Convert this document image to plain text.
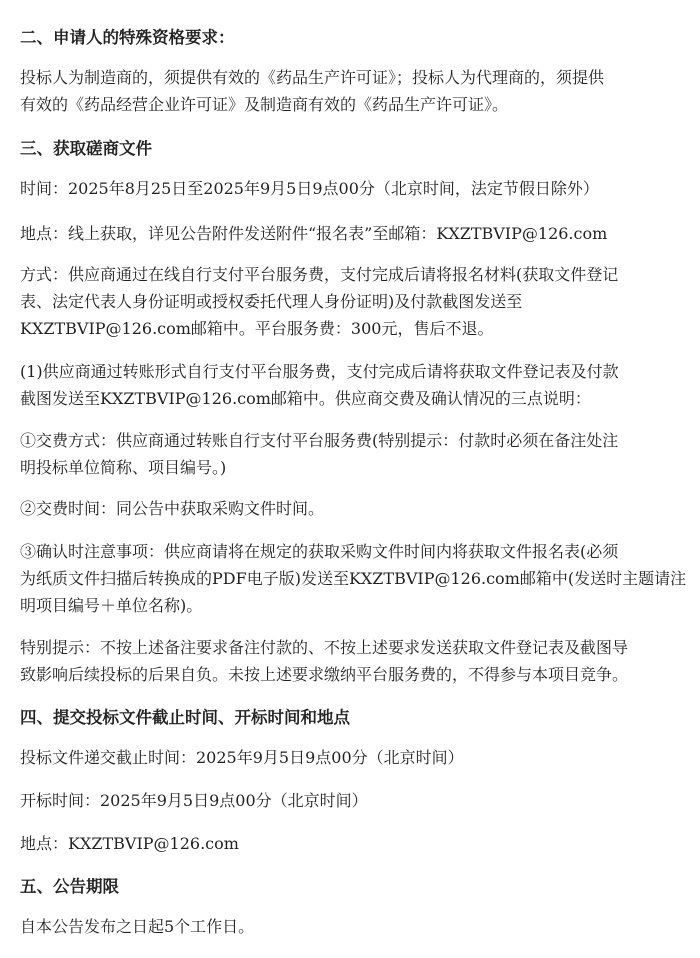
二、申请人的特殊资格要求：
投标人为制造商的，须提供有效的《药品生产许可证》；投标人为代理商的，须提供
有效的《药品经营企业许可证》及制造商有效的《药品生产许可证》。
三、获取磋商文件
时间：2025年8月25日至2025年9月5日9点00分（北京时间，法定节假日除外）
地点：线上获取，详见公告附件发送附件“报名表”至邮箱：KXZTBVIP@126.com
方式：供应商通过在线自行支付平台服务费，支付完成后请将报名材料(获取文件登记
表、法定代表人身份证明或授权委托代理人身份证明)及付款截图发送至
KXZTBVIP@126.com邮箱中。平台服务费：300元，售后不退。
(1)供应商通过转账形式自行支付平台服务费，支付完成后请将获取文件登记表及付款
截图发送至KXZTBVIP@126.com邮箱中。供应商交费及确认情况的三点说明：
①交费方式：供应商通过转账自行支付平台服务费(特别提示：付款时必须在备注处注
明投标单位简称、项目编号。)
②交费时间：同公告中获取采购文件时间。
③确认时注意事项：供应商请将在规定的获取采购文件时间内将获取文件报名表(必须
为纸质文件扫描后转换成的PDF电子版)发送至KXZTBVIP@126.com邮箱中(发送时主题请注
明项目编号＋单位名称)。
特别提示：不按上述备注要求备注付款的、不按上述要求发送获取文件登记表及截图导
致影响后续投标的后果自负。未按上述要求缴纳平台服务费的，不得参与本项目竞争。
四、提交投标文件截止时间、开标时间和地点
投标文件递交截止时间：2025年9月5日9点00分（北京时间）
开标时间：2025年9月5日9点00分（北京时间）
地点：KXZTBVIP@126.com
五、公告期限
自本公告发布之日起5个工作日。
